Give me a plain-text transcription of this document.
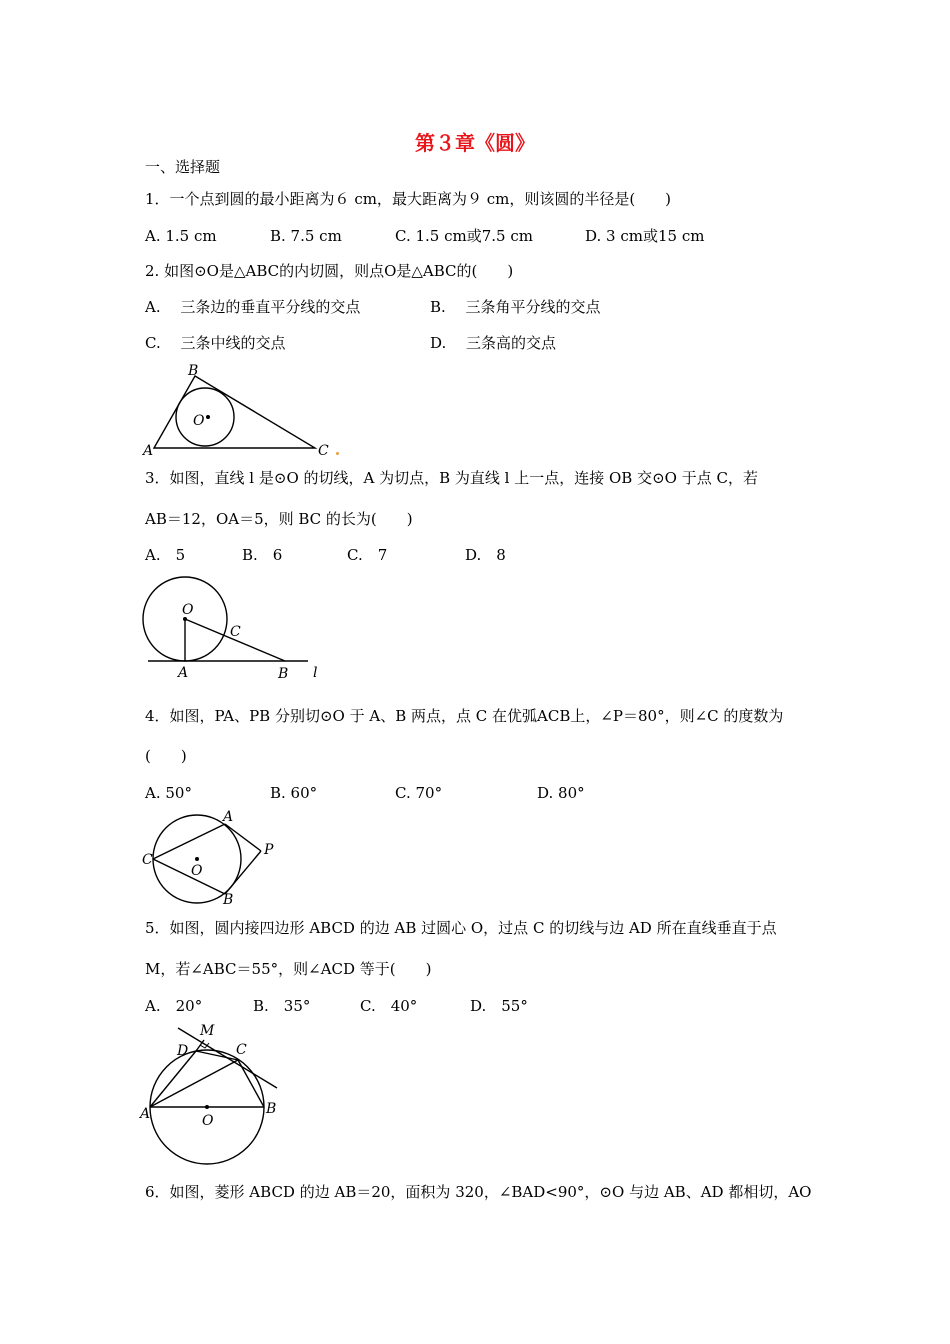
第３章《圆》
一、选择题
1．一个点到圆的最小距离为６ cm，最大距离为９ cm，则该圆的半径是(　　)
A. 1.5 cm	B. 7.5 cm	C. 1.5 cm或7.5 cm	D. 3 cm或15 cm
2. 如图⊙O是△ABC的内切圆，则点O是△ABC的(　　)
A.　 三条边的垂直平分线的交点	B.　 三条角平分线的交点
C.　 三条中线的交点	D.　 三条高的交点
B
O
A	C
3．如图，直线 l 是⊙O 的切线，A 为切点，B 为直线 l 上一点，连接 OB 交⊙O 于点 C，若
AB＝12，OA＝5，则 BC 的长为(　　)
A.　5	B.　6	C.　7	D.　8
O
C
A	B l
4．如图，PA、PB 分别切⊙O 于 A、B 两点，点 C 在优弧ACB上，∠P＝80°，则∠C 的度数为
(　　)
A. 50°	B. 60°	C. 70°	D. 80°
A
C
P
O
B
5．如图，圆内接四边形 ABCD 的边 AB 过圆心 O，过点 C 的切线与边 AD 所在直线垂直于点
M，若∠ABC＝55°，则∠ACD 等于(　　)
A.　20°	B.　35°	C.　40°	D.　55°
M
D	C
A	B
O
6．如图，菱形 ABCD 的边 AB＝20，面积为 320，∠BAD<90°，⊙O 与边 AB、AD 都相切，AO
